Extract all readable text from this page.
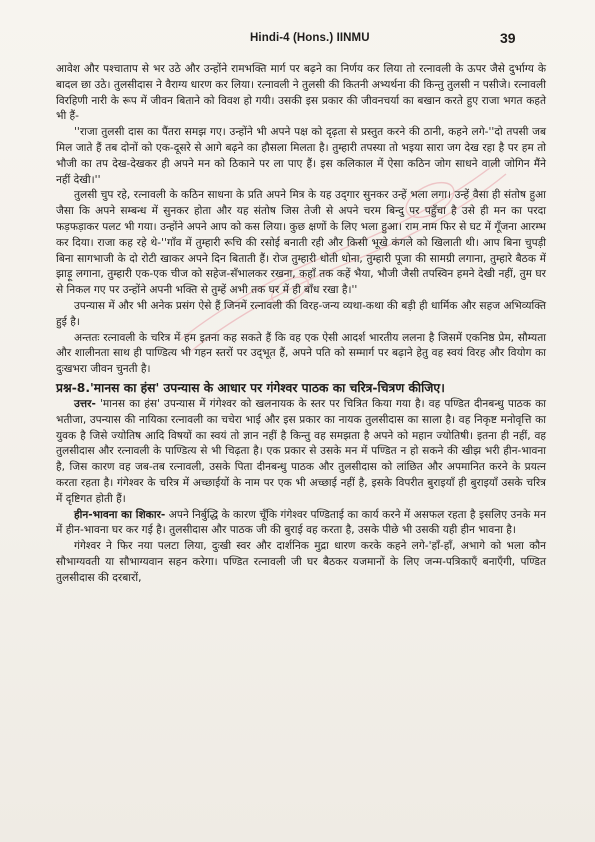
Hindi-4 (Hons.) IINMU	39

आवेश और पश्चाताप से भर उठे और उन्होंने रामभक्ति मार्ग पर बढ़ने का निर्णय कर लिया तो रत्नावली के ऊपर जैसे दुर्भाग्य के बादल छा उठे। तुलसीदास ने वैराग्य धारण कर लिया। रत्नावली ने तुलसी की कितनी अभ्यर्थना की किन्तु तुलसी न पसीजे। रत्नावली विरहिणी नारी के रूप में जीवन बिताने को विवश हो गयी। उसकी इस प्रकार की जीवनचर्या का बखान करते हुए राजा भगत कहते भी हैं-

''राजा तुलसी दास का पैंतरा समझ गए। उन्होंने भी अपने पक्ष को दृढ़ता से प्रस्तुत करने की ठानी, कहने लगे-''दो तपसी जब मिल जाते हैं तब दोनों को एक-दूसरे से आगे बढ़ने का हौसला मिलता है। तुम्हारी तपस्या तो भइया सारा जग देख रहा है पर हम तो भौजी का तप देख-देखकर ही अपने मन को ठिकाने पर ला पाए हैं। इस कलिकाल में ऐसा कठिन जोग साधने वाली जोगिन मैंने नहीं देखी।''

तुलसी चुप रहे, रत्नावली के कठिन साधना के प्रति अपने मित्र के यह उद्‌गार सुनकर उन्हें भला लगा। उन्हें वैसा ही संतोष हुआ जैसा कि अपने सम्बन्ध में सुनकर होता और यह संतोष जिस तेजी से अपने चरम बिन्दु पर पहुँचा है उसे ही मन का परदा फड़फड़ाकर पलट भी गया। उन्होंने अपने आप को कस लिया। कुछ क्षणों के लिए भला हुआ। राम नाम फिर से घट में गूँजना आरम्भ कर दिया। राजा कह रहे थे-''गाँव में तुम्हारी रूचि की रसोई बनाती रही और किसी भूखे कंगले को खिलाती थी। आप बिना चुपड़ी बिना सागभाजी के दो रोटी खाकर अपने दिन बिताती हैं। रोज तुम्हारी धोती धोना, तुम्हारी पूजा की सामग्री लगाना, तुम्हारे बैठक में झाड़ू लगाना, तुम्हारी एक-एक चीज को सहेज-सँभालकर रखना, कहाँ तक कहें भैया, भौजी जैसी तपस्विन हमने देखी नहीं, तुम घर से निकल गए पर उन्होंने अपनी भक्ति से तुम्हें अभी तक घर में ही बाँध रखा है।''

उपन्यास में और भी अनेक प्रसंग ऐसे हैं जिनमें रत्नावली की विरह-जन्य व्यथा-कथा की बड़ी ही धार्मिक और सहज अभिव्यक्ति हुई है।

अन्ततः रत्नावली के चरित्र में हम इतना कह सकते हैं कि वह एक ऐसी आदर्श भारतीय ललना है जिसमें एकनिष्ठ प्रेम, सौम्यता और शालीनता साथ ही पाण्डित्य भी गहन स्तरों पर उद्‌भूत हैं, अपने पति को सम्मार्ग पर बढ़ाने हेतु वह स्वयं विरह और वियोग का दुःखभरा जीवन चुनती है।

प्रश्न-8.'मानस का हंस' उपन्यास के आधार पर गंगेश्वर पाठक का चरित्र-चित्रण कीजिए।

उत्तर- 'मानस का हंस' उपन्यास में गंगेश्वर को खलनायक के स्तर पर चित्रित किया गया है। वह पण्डित दीनबन्धु पाठक का भतीजा, उपन्यास की नायिका रत्नावली का चचेरा भाई और इस प्रकार का नायक तुलसीदास का साला है। वह निकृष्ट मनोवृत्ति का युवक है जिसे ज्योतिष आदि विषयों का स्वयं तो ज्ञान नहीं है किन्तु वह समझता है अपने को महान ज्योतिषी। इतना ही नहीं, वह तुलसीदास और रत्नावली के पाण्डित्य से भी चिढ़ता है। एक प्रकार से उसके मन में पण्डित न हो सकने की खीझ भरी हीन-भावना है, जिस कारण वह जब-तब रत्नावली, उसके पिता दीनबन्धु पाठक और तुलसीदास को लांछित और अपमानित करने के प्रयत्न करता रहता है। गंगेश्वर के चरित्र में अच्छाईयों के नाम पर एक भी अच्छाई नहीं है, इसके विपरीत बुराइयाँ ही बुराइयाँ उसके चरित्र में दृष्टिगत होती हैं।

हीन-भावना का शिकार- अपने निर्बुद्धि के कारण चूँकि गंगेश्वर पण्डिताई का कार्य करने में असफल रहता है इसलिए उनके मन में हीन-भावना घर कर गई है। तुलसीदास और पाठक जी की बुराई वह करता है, उसके पीछे भी उसकी यही हीन भावना है।

गंगेश्वर ने फिर नया पलटा लिया, दुःखी स्वर और दार्शनिक मुद्रा धारण करके कहने लगे-'हाँ-हाँ, अभागे को भला कौन सौभाग्यवती या सौभाग्यवान सहन करेगा। पण्डित रत्नावली जी घर बैठकर यजमानों के लिए जन्म-पत्रिकाएँ बनाएँगी, पण्डित तुलसीदास की दरबारों,
